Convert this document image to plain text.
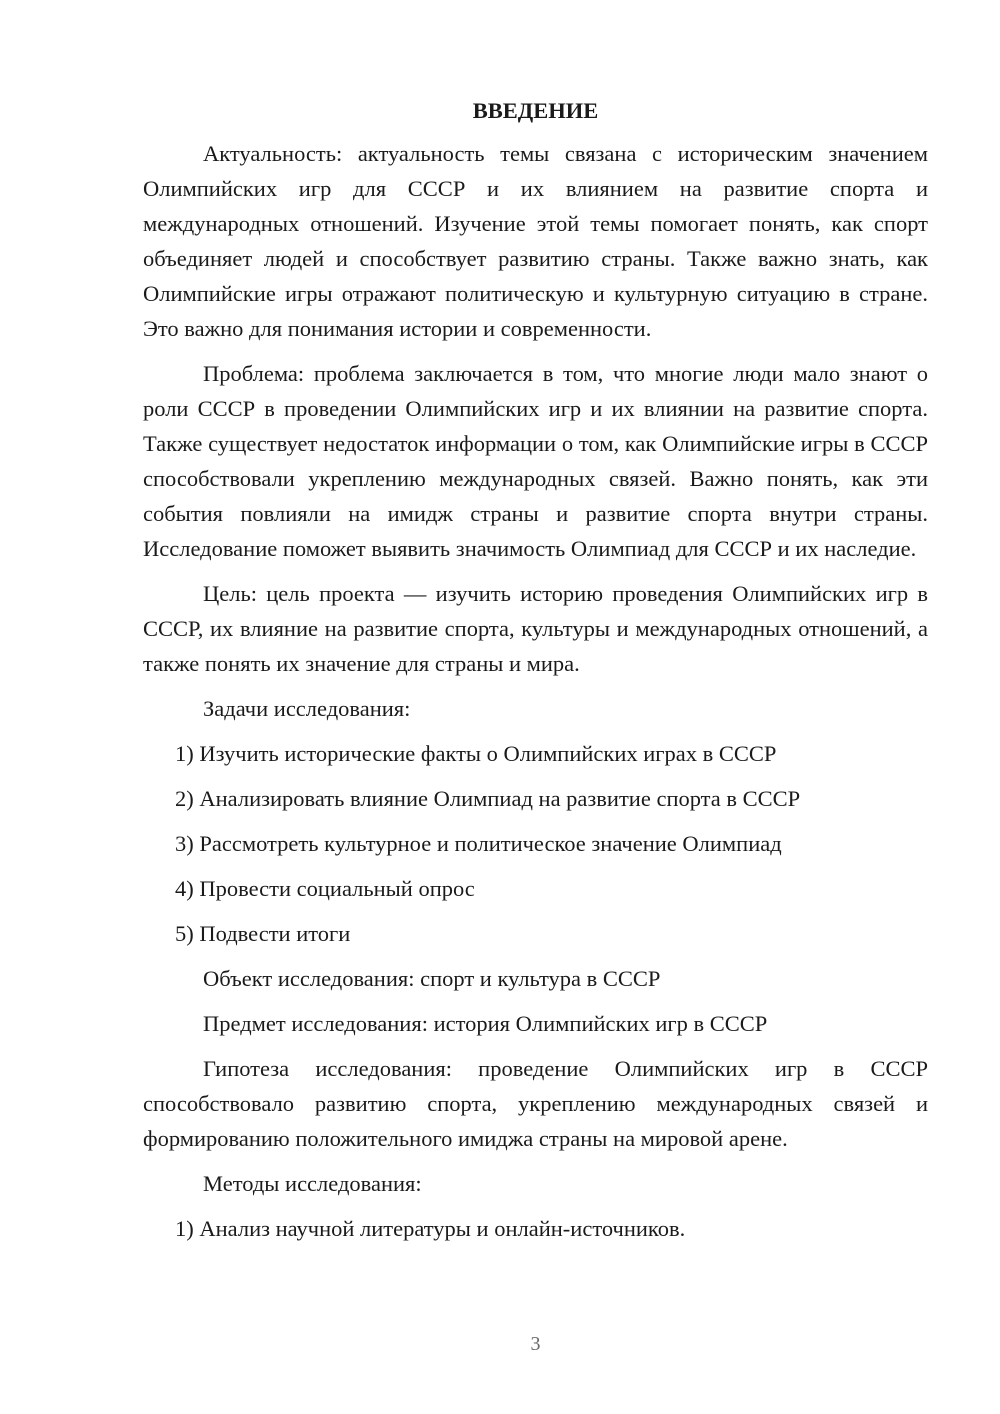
ВВЕДЕНИЕ
Актуальность: актуальность темы связана с историческим значением Олимпийских игр для СССР и их влиянием на развитие спорта и международных отношений. Изучение этой темы помогает понять, как спорт объединяет людей и способствует развитию страны. Также важно знать, как Олимпийские игры отражают политическую и культурную ситуацию в стране. Это важно для понимания истории и современности.
Проблема: проблема заключается в том, что многие люди мало знают о роли СССР в проведении Олимпийских игр и их влиянии на развитие спорта. Также существует недостаток информации о том, как Олимпийские игры в СССР способствовали укреплению международных связей. Важно понять, как эти события повлияли на имидж страны и развитие спорта внутри страны. Исследование поможет выявить значимость Олимпиад для СССР и их наследие.
Цель: цель проекта — изучить историю проведения Олимпийских игр в СССР, их влияние на развитие спорта, культуры и международных отношений, а также понять их значение для страны и мира.
Задачи исследования:
1) Изучить исторические факты о Олимпийских играх в СССР
2) Анализировать влияние Олимпиад на развитие спорта в СССР
3) Рассмотреть культурное и политическое значение Олимпиад
4) Провести социальный опрос
5) Подвести итоги
Объект исследования: спорт и культура в СССР
Предмет исследования: история Олимпийских игр в СССР
Гипотеза исследования: проведение Олимпийских игр в СССР способствовало развитию спорта, укреплению международных связей и формированию положительного имиджа страны на мировой арене.
Методы исследования:
1) Анализ научной литературы и онлайн-источников.
3
